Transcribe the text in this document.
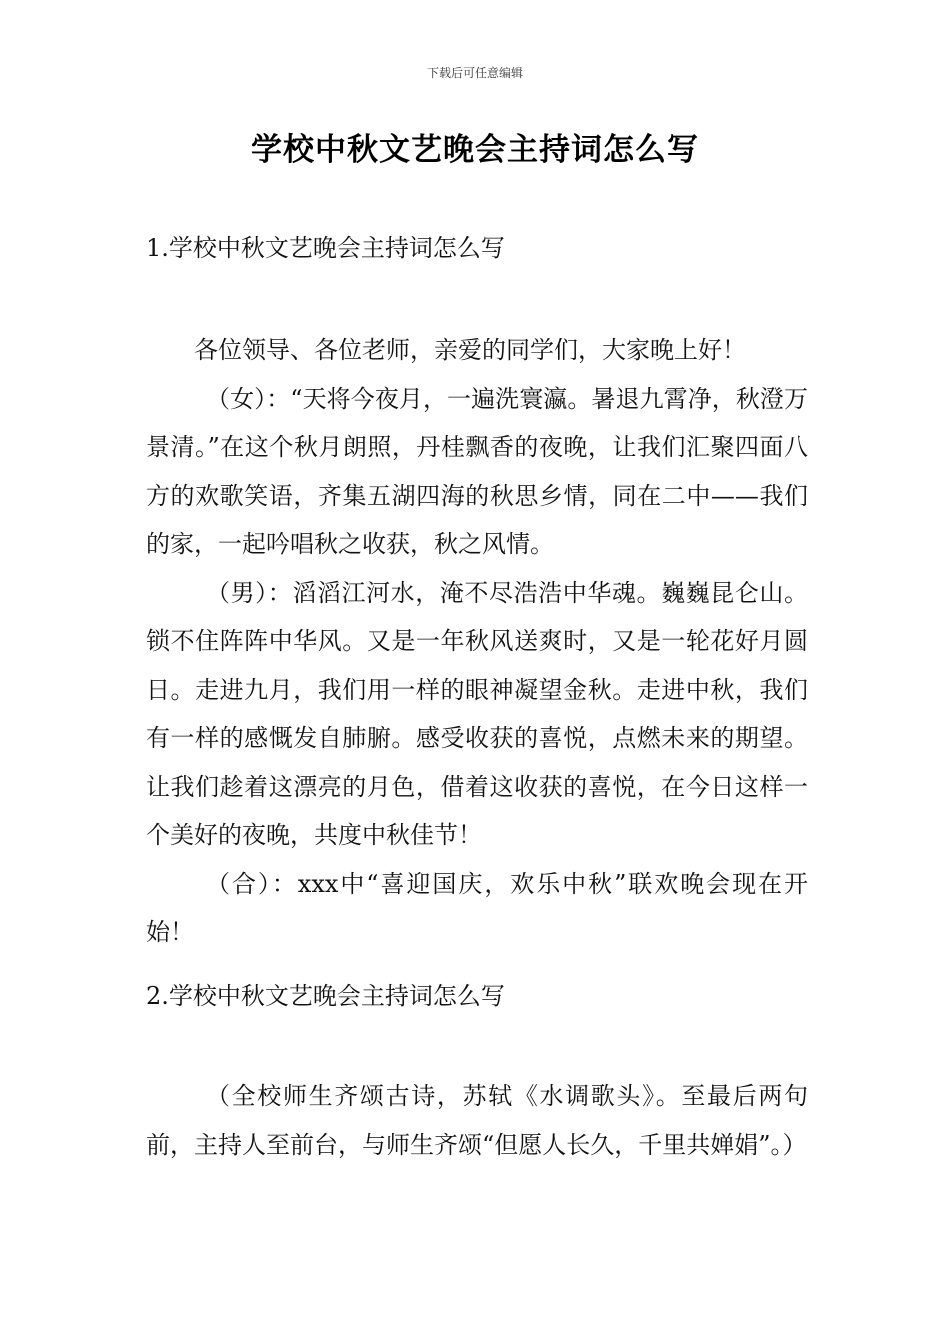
下载后可任意编辑
学校中秋文艺晚会主持词怎么写
1.学校中秋文艺晚会主持词怎么写

各位领导、各位老师，亲爱的同学们，大家晚上好！

（女）：“天将今夜月，一遍洗寰瀛。暑退九霄净，秋澄万景清。”在这个秋月朗照，丹桂飘香的夜晚，让我们汇聚四面八方的欢歌笑语，齐集五湖四海的秋思乡情，同在二中——我们的家，一起吟唱秋之收获，秋之风情。

（男）：滔滔江河水，淹不尽浩浩中华魂。巍巍昆仑山。锁不住阵阵中华风。又是一年秋风送爽时，又是一轮花好月圆日。走进九月，我们用一样的眼神凝望金秋。走进中秋，我们有一样的感慨发自肺腑。感受收获的喜悦，点燃未来的期望。让我们趁着这漂亮的月色，借着这收获的喜悦，在今日这样一个美好的夜晚，共度中秋佳节！

（合）：xxx中“喜迎国庆，欢乐中秋”联欢晚会现在开始！

2.学校中秋文艺晚会主持词怎么写

（全校师生齐颂古诗，苏轼《水调歌头》。至最后两句前，主持人至前台，与师生齐颂“但愿人长久，千里共婵娟”。）
